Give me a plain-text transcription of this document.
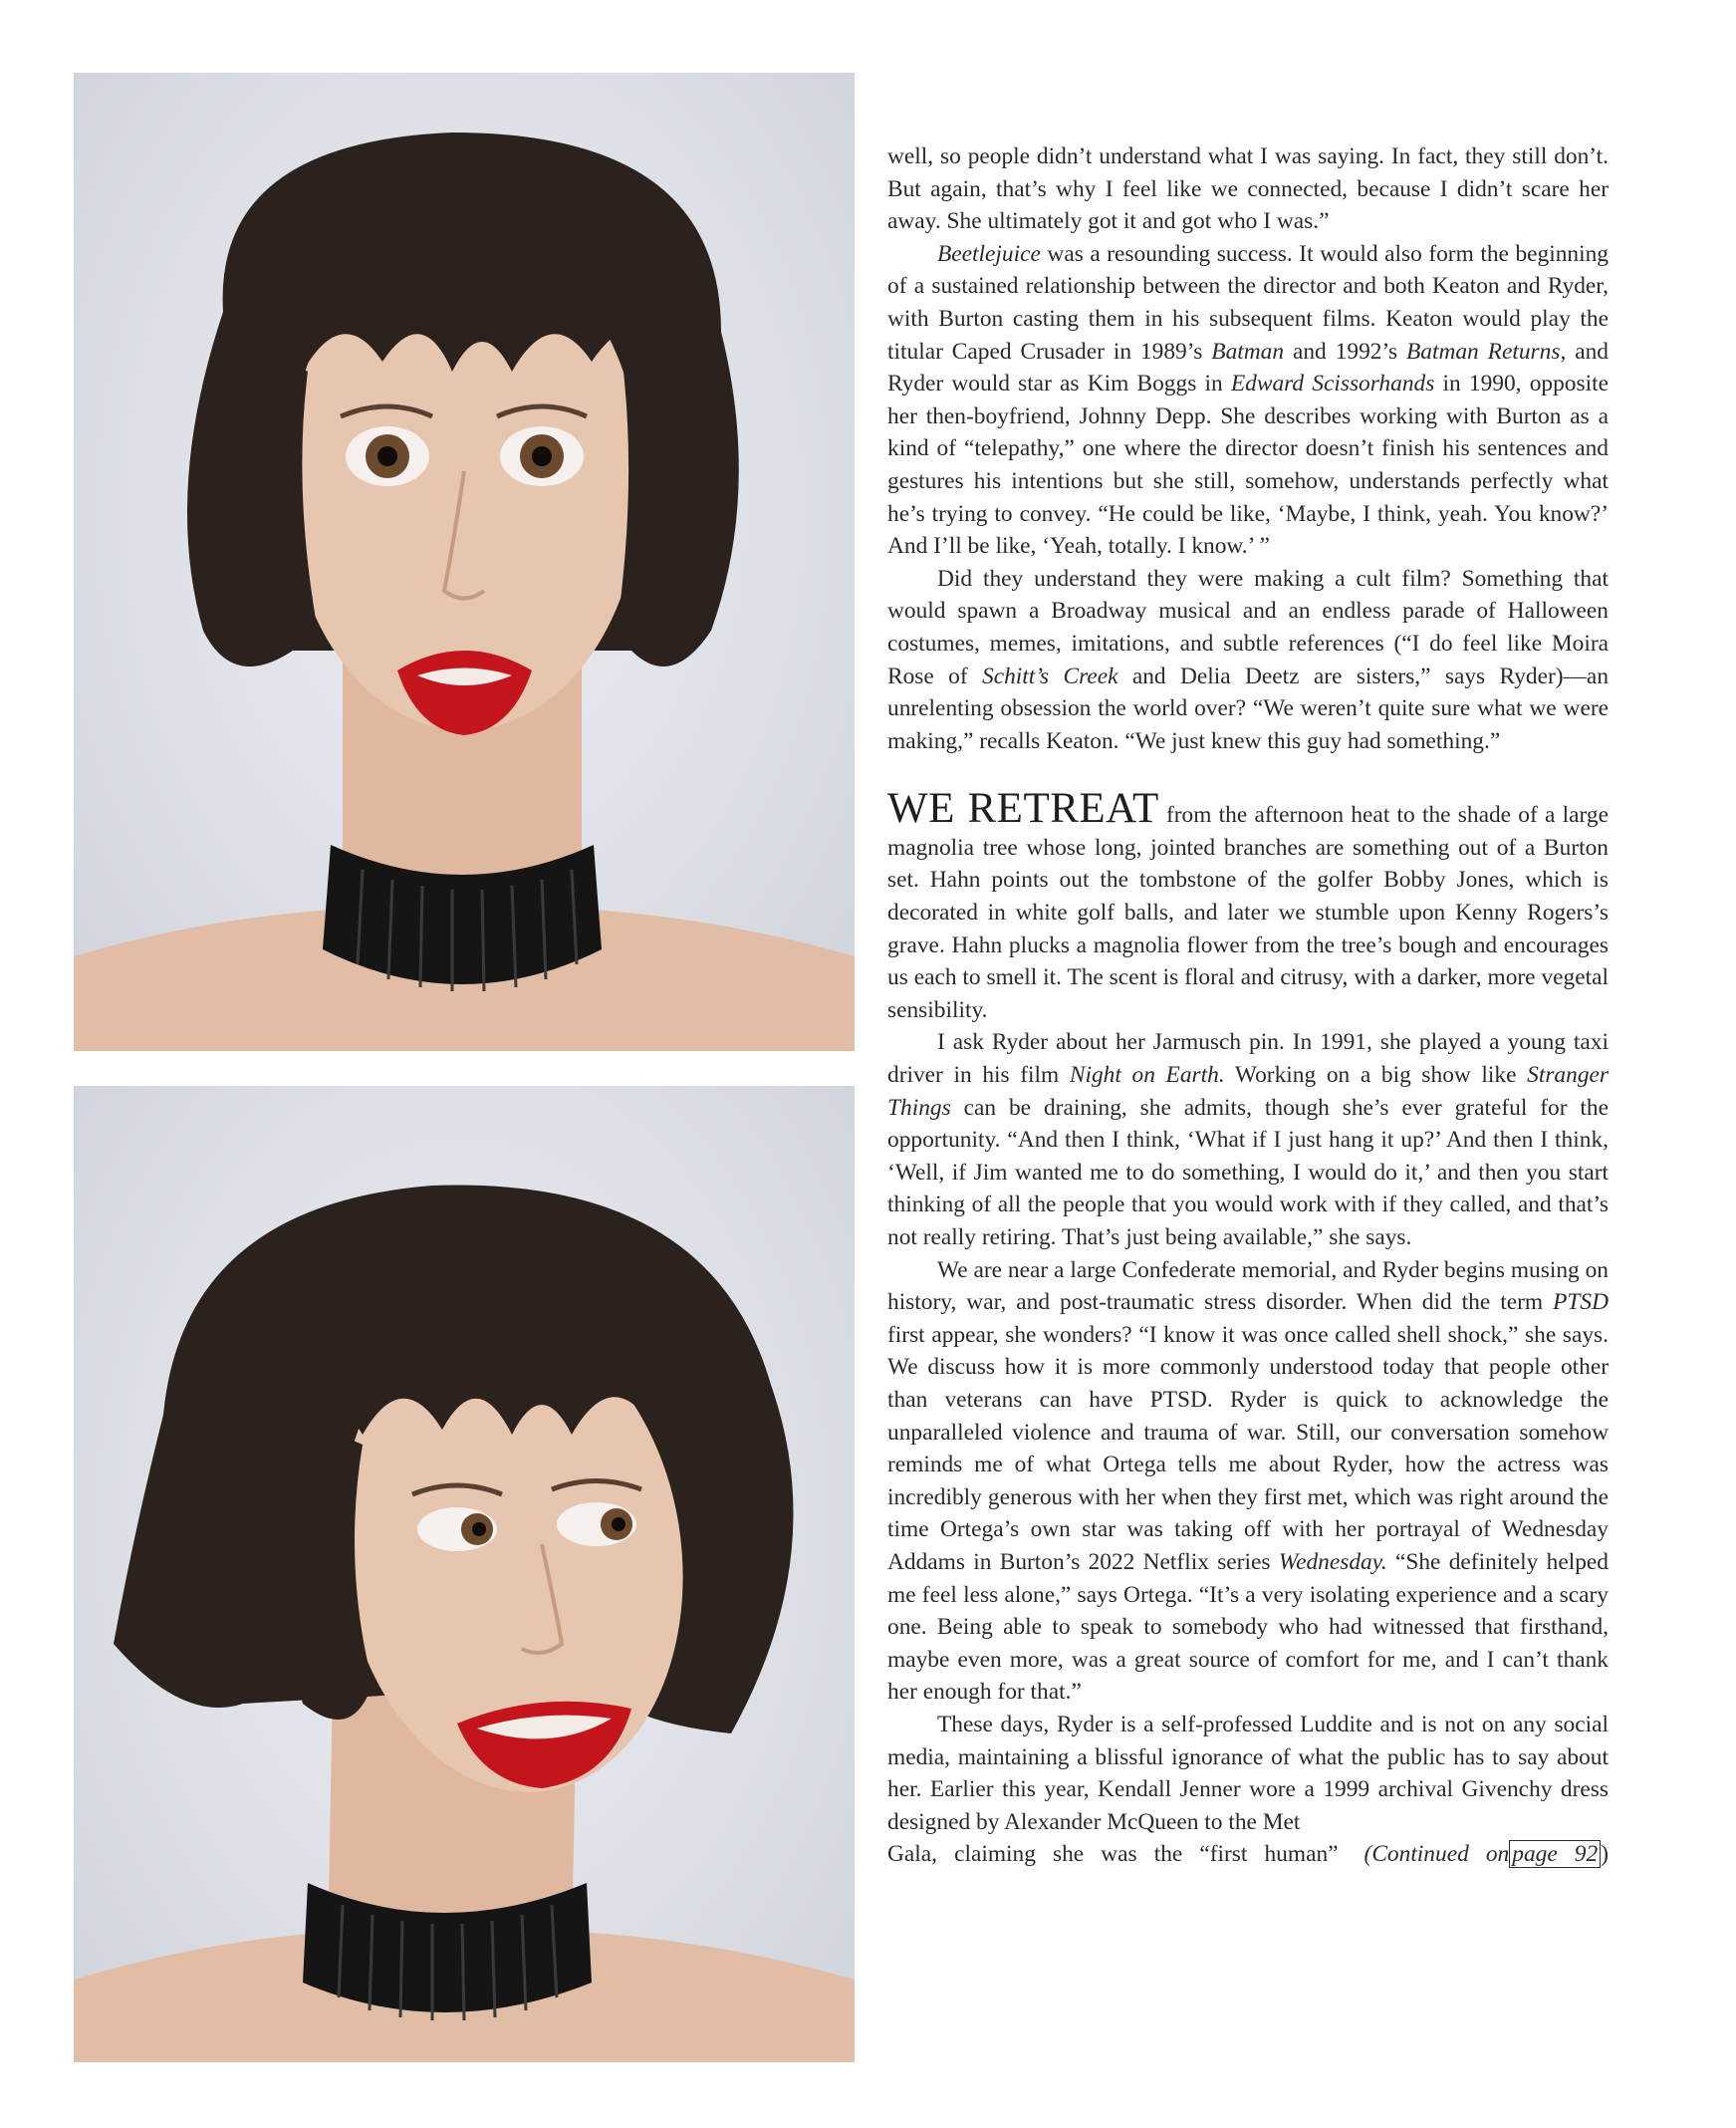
well, so people didn’t understand what I was saying. In fact, they still don’t. But again, that’s why I feel like we connected, because I didn’t scare her away. She ultimately got it and got who I was.”

Beetlejuice was a resounding success. It would also form the beginning of a sustained relationship between the director and both Keaton and Ryder, with Burton casting them in his subsequent films. Keaton would play the titular Caped Crusader in 1989’s Batman and 1992’s Batman Returns, and Ryder would star as Kim Boggs in Edward Scissorhands in 1990, opposite her then-boyfriend, Johnny Depp. She describes working with Burton as a kind of “telepathy,” one where the director doesn’t finish his sentences and gestures his intentions but she still, somehow, understands perfectly what he’s trying to convey. “He could be like, ‘Maybe, I think, yeah. You know?’ And I’ll be like, ‘Yeah, totally. I know.’ ”

Did they understand they were making a cult film? Something that would spawn a Broadway musical and an endless parade of Halloween costumes, memes, imitations, and subtle references (“I do feel like Moira Rose of Schitt’s Creek and Delia Deetz are sisters,” says Ryder)—an unrelenting obsession the world over? “We weren’t quite sure what we were making,” recalls Keaton. “We just knew this guy had something.”

WE RETREAT from the afternoon heat to the shade of a large magnolia tree whose long, jointed branches are something out of a Burton set. Hahn points out the tombstone of the golfer Bobby Jones, which is decorated in white golf balls, and later we stumble upon Kenny Rogers’s grave. Hahn plucks a magnolia flower from the tree’s bough and encourages us each to smell it. The scent is floral and citrusy, with a darker, more vegetal sensibility.

I ask Ryder about her Jarmusch pin. In 1991, she played a young taxi driver in his film Night on Earth. Working on a big show like Stranger Things can be draining, she admits, though she’s ever grateful for the opportunity. “And then I think, ‘What if I just hang it up?’ And then I think, ‘Well, if Jim wanted me to do something, I would do it,’ and then you start thinking of all the people that you would work with if they called, and that’s not really retiring. That’s just being available,” she says.

We are near a large Confederate memorial, and Ryder begins musing on history, war, and post-traumatic stress disorder. When did the term PTSD first appear, she wonders? “I know it was once called shell shock,” she says. We discuss how it is more commonly understood today that people other than veterans can have PTSD. Ryder is quick to acknowledge the unparalleled violence and trauma of war. Still, our conversation somehow reminds me of what Ortega tells me about Ryder, how the actress was incredibly generous with her when they first met, which was right around the time Ortega’s own star was taking off with her portrayal of Wednesday Addams in Burton’s 2022 Netflix series Wednesday. “She definitely helped me feel less alone,” says Ortega. “It’s a very isolating experience and a scary one. Being able to speak to somebody who had witnessed that firsthand, maybe even more, was a great source of comfort for me, and I can’t thank her enough for that.”

These days, Ryder is a self-professed Luddite and is not on any social media, maintaining a blissful ignorance of what the public has to say about her. Earlier this year, Kendall Jenner wore a 1999 archival Givenchy dress designed by Alexander McQueen to the Met

Gala, claiming she was the “first human” (Continued on page 92 )
